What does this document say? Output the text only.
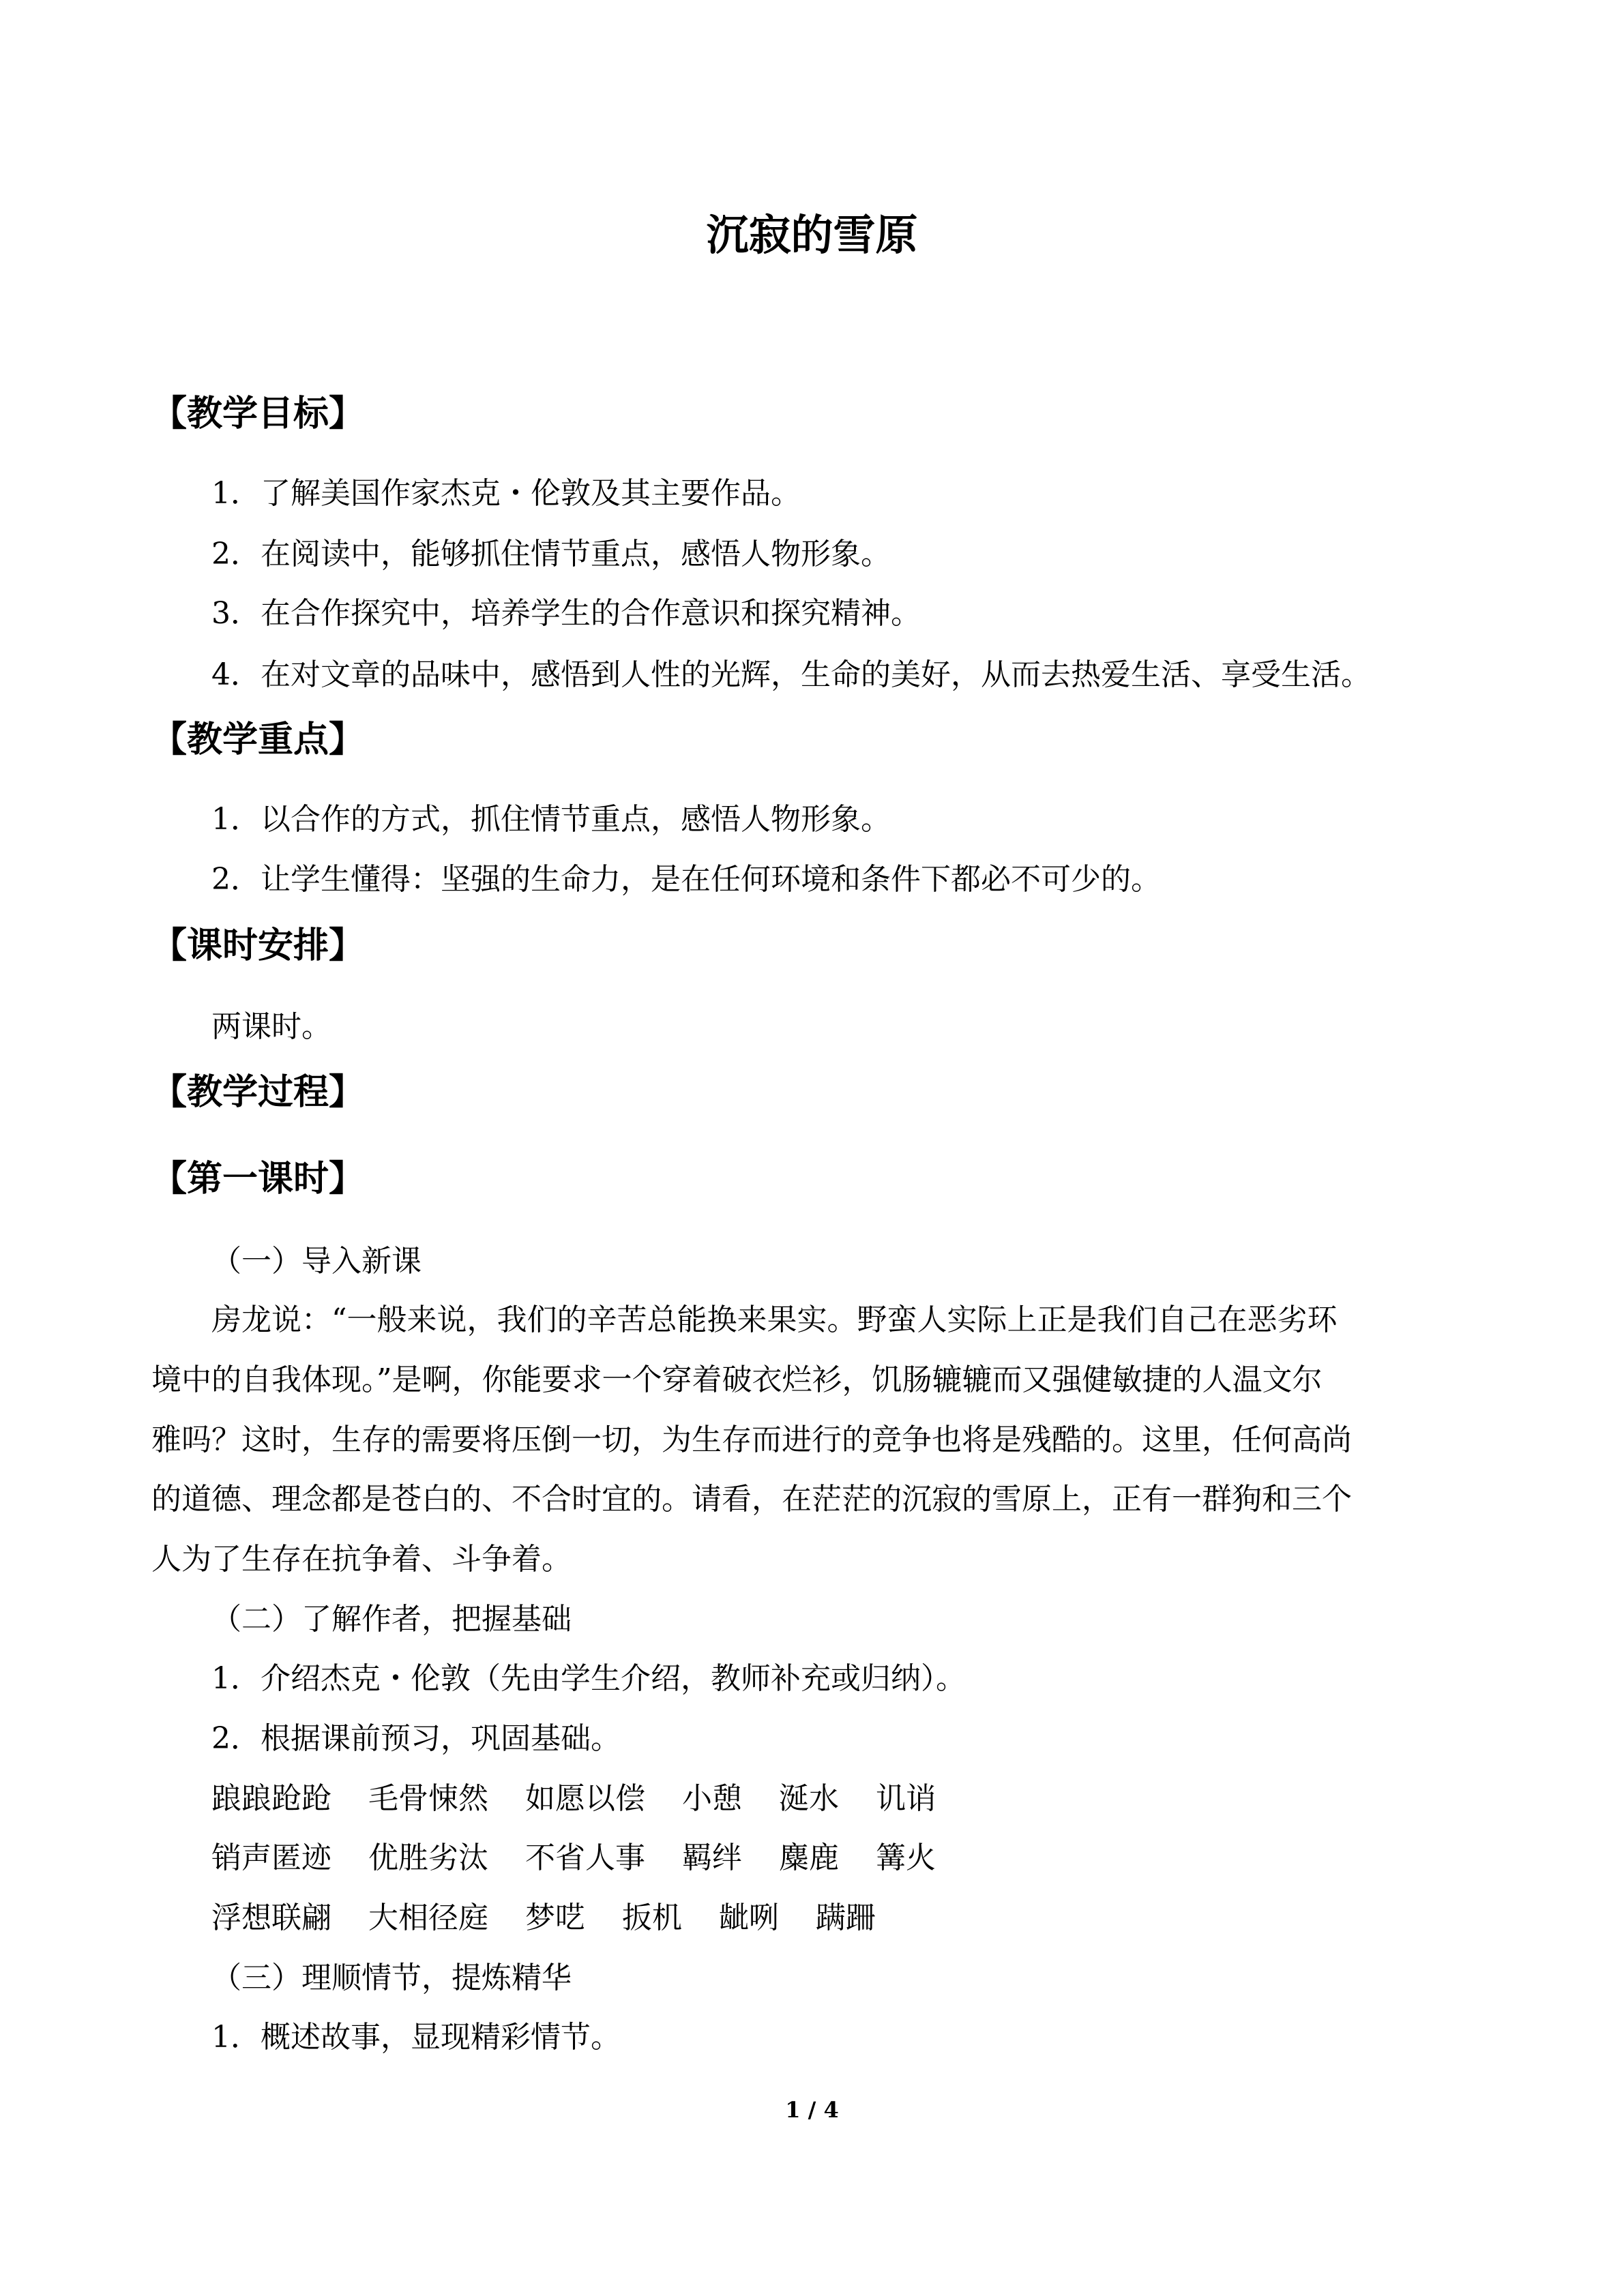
沉寂的雪原
【教学目标】
1．了解美国作家杰克・伦敦及其主要作品。
2．在阅读中，能够抓住情节重点，感悟人物形象。
3．在合作探究中，培养学生的合作意识和探究精神。
4．在对文章的品味中，感悟到人性的光辉，生命的美好，从而去热爱生活、享受生活。
【教学重点】
1．以合作的方式，抓住情节重点，感悟人物形象。
2．让学生懂得：坚强的生命力，是在任何环境和条件下都必不可少的。
【课时安排】
两课时。
【教学过程】
【第一课时】
（一）导入新课
房龙说：“一般来说，我们的辛苦总能换来果实。野蛮人实际上正是我们自己在恶劣环
境中的自我体现。”是啊，你能要求一个穿着破衣烂衫，饥肠辘辘而又强健敏捷的人温文尔
雅吗？这时，生存的需要将压倒一切，为生存而进行的竞争也将是残酷的。这里，任何高尚
的道德、理念都是苍白的、不合时宜的。请看，在茫茫的沉寂的雪原上，正有一群狗和三个
人为了生存在抗争着、斗争着。
（二）了解作者，把握基础
1．介绍杰克・伦敦（先由学生介绍，教师补充或归纳）。
2．根据课前预习，巩固基础。
踉踉跄跄 毛骨悚然 如愿以偿 小憩 涎水 讥诮
销声匿迹 优胜劣汰 不省人事 羁绊 麋鹿 篝火
浮想联翩 大相径庭 梦呓 扳机 龇咧 蹒跚
（三）理顺情节，提炼精华
1．概述故事，显现精彩情节。
1 / 4
